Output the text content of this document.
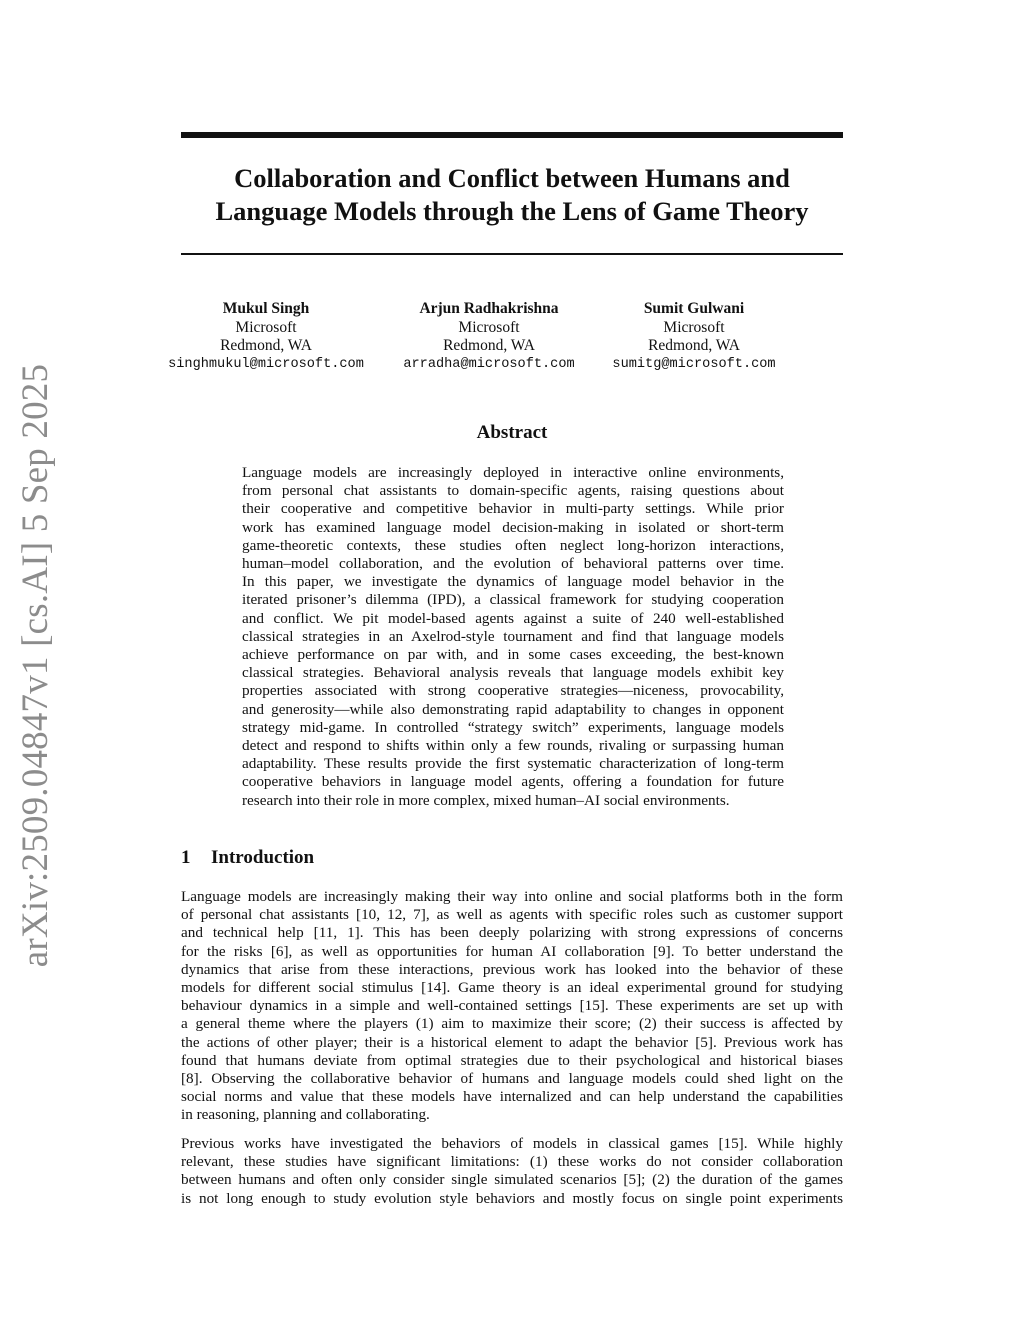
arXiv:2509.04847v1 [cs.AI] 5 Sep 2025
Collaboration and Conflict between Humans and
Language Models through the Lens of Game Theory
Mukul Singh
Microsoft
Redmond, WA
singhmukul@microsoft.com
Arjun Radhakrishna
Microsoft
Redmond, WA
arradha@microsoft.com
Sumit Gulwani
Microsoft
Redmond, WA
sumitg@microsoft.com
Abstract
Language models are increasingly deployed in interactive online environments,
from personal chat assistants to domain-specific agents, raising questions about
their cooperative and competitive behavior in multi-party settings. While prior
work has examined language model decision-making in isolated or short-term
game-theoretic contexts, these studies often neglect long-horizon interactions,
human–model collaboration, and the evolution of behavioral patterns over time.
In this paper, we investigate the dynamics of language model behavior in the
iterated prisoner’s dilemma (IPD), a classical framework for studying cooperation
and conflict. We pit model-based agents against a suite of 240 well-established
classical strategies in an Axelrod-style tournament and find that language models
achieve performance on par with, and in some cases exceeding, the best-known
classical strategies. Behavioral analysis reveals that language models exhibit key
properties associated with strong cooperative strategies—niceness, provocability,
and generosity—while also demonstrating rapid adaptability to changes in opponent
strategy mid-game. In controlled “strategy switch” experiments, language models
detect and respond to shifts within only a few rounds, rivaling or surpassing human
adaptability. These results provide the first systematic characterization of long-term
cooperative behaviors in language model agents, offering a foundation for future
research into their role in more complex, mixed human–AI social environments.
1 Introduction
Language models are increasingly making their way into online and social platforms both in the form
of personal chat assistants [10, 12, 7], as well as agents with specific roles such as customer support
and technical help [11, 1]. This has been deeply polarizing with strong expressions of concerns
for the risks [6], as well as opportunities for human AI collaboration [9]. To better understand the
dynamics that arise from these interactions, previous work has looked into the behavior of these
models for different social stimulus [14]. Game theory is an ideal experimental ground for studying
behaviour dynamics in a simple and well-contained settings [15]. These experiments are set up with
a general theme where the players (1) aim to maximize their score; (2) their success is affected by
the actions of other player; their is a historical element to adapt the behavior [5]. Previous work has
found that humans deviate from optimal strategies due to their psychological and historical biases
[8]. Observing the collaborative behavior of humans and language models could shed light on the
social norms and value that these models have internalized and can help understand the capabilities
in reasoning, planning and collaborating.
Previous works have investigated the behaviors of models in classical games [15]. While highly
relevant, these studies have significant limitations: (1) these works do not consider collaboration
between humans and often only consider single simulated scenarios [5]; (2) the duration of the games
is not long enough to study evolution style behaviors and mostly focus on single point experiments
